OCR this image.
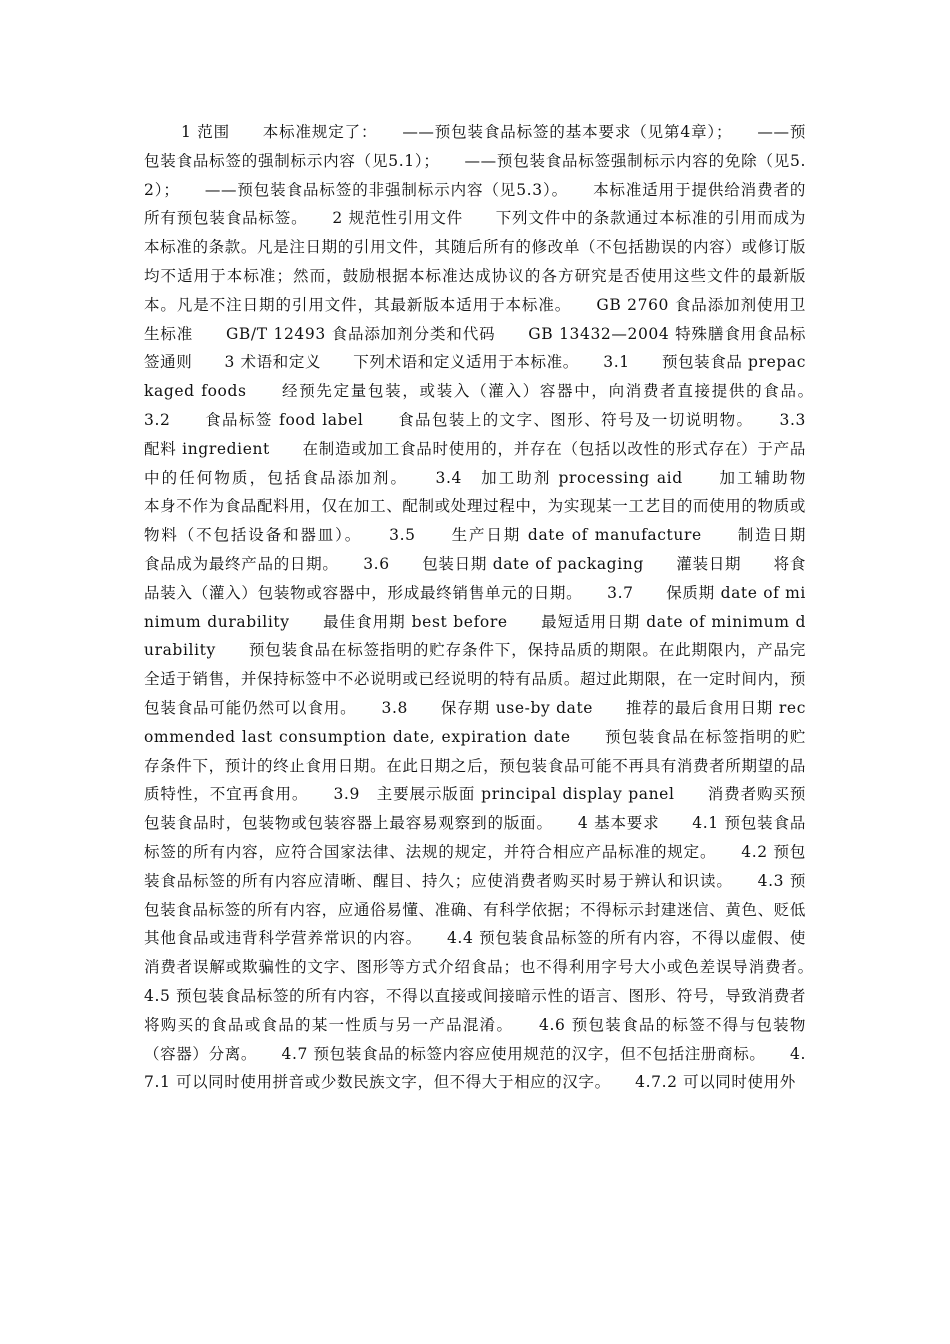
1 范围　　本标准规定了：　　——预包装食品标签的基本要求（见第4章）；　　——预包装食品标签的强制标示内容（见5.1）；　　——预包装食品标签强制标示内容的免除（见5.2）；　　——预包装食品标签的非强制标示内容（见5.3）。　　本标准适用于提供给消费者的所有预包装食品标签。　　2 规范性引用文件　　下列文件中的条款通过本标准的引用而成为本标准的条款。凡是注日期的引用文件，其随后所有的修改单（不包括勘误的内容）或修订版均不适用于本标准；然而，鼓励根据本标准达成协议的各方研究是否使用这些文件的最新版本。凡是不注日期的引用文件，其最新版本适用于本标准。　　GB 2760 食品添加剂使用卫生标准　　GB/T 12493 食品添加剂分类和代码　　GB 13432—2004 特殊膳食用食品标签通则　　3 术语和定义　　下列术语和定义适用于本标准。　　3.1　　预包装食品 prepackaged foods　　经预先定量包装，或装入（灌入）容器中，向消费者直接提供的食品。　　3.2　　食品标签 food label　　食品包装上的文字、图形、符号及一切说明物。　　3.3　　配料 ingredient　　在制造或加工食品时使用的，并存在（包括以改性的形式存在）于产品中的任何物质，包括食品添加剂。　　3.4　加工助剂 processing aid　　加工辅助物　　本身不作为食品配料用，仅在加工、配制或处理过程中，为实现某一工艺目的而使用的物质或物料（不包括设备和器皿）。　　3.5　　生产日期 date of manufacture　　制造日期　　食品成为最终产品的日期。　　3.6　　包装日期 date of packaging　　灌装日期　　将食品装入（灌入）包装物或容器中，形成最终销售单元的日期。　　3.7　　保质期 date of minimum durability　　最佳食用期 best before　　最短适用日期 date of minimum durability　　预包装食品在标签指明的贮存条件下，保持品质的期限。在此期限内，产品完全适于销售，并保持标签中不必说明或已经说明的特有品质。超过此期限，在一定时间内，预包装食品可能仍然可以食用。　　3.8　　保存期 use-by date　　推荐的最后食用日期 recommended last consumption date, expiration date　　预包装食品在标签指明的贮存条件下，预计的终止食用日期。在此日期之后，预包装食品可能不再具有消费者所期望的品质特性，不宜再食用。　　3.9　主要展示版面 principal display panel　　消费者购买预包装食品时，包装物或包装容器上最容易观察到的版面。　　4 基本要求　　4.1 预包装食品标签的所有内容，应符合国家法律、法规的规定，并符合相应产品标准的规定。　　4.2 预包装食品标签的所有内容应清晰、醒目、持久；应使消费者购买时易于辨认和识读。　　4.3 预包装食品标签的所有内容，应通俗易懂、准确、有科学依据；不得标示封建迷信、黄色、贬低其他食品或违背科学营养常识的内容。　　4.4 预包装食品标签的所有内容，不得以虚假、使消费者误解或欺骗性的文字、图形等方式介绍食品；也不得利用字号大小或色差误导消费者。　　4.5 预包装食品标签的所有内容，不得以直接或间接暗示性的语言、图形、符号，导致消费者将购买的食品或食品的某一性质与另一产品混淆。　　4.6 预包装食品的标签不得与包装物（容器）分离。　　4.7 预包装食品的标签内容应使用规范的汉字，但不包括注册商标。　　4.7.1 可以同时使用拼音或少数民族文字，但不得大于相应的汉字。　　4.7.2 可以同时使用外
